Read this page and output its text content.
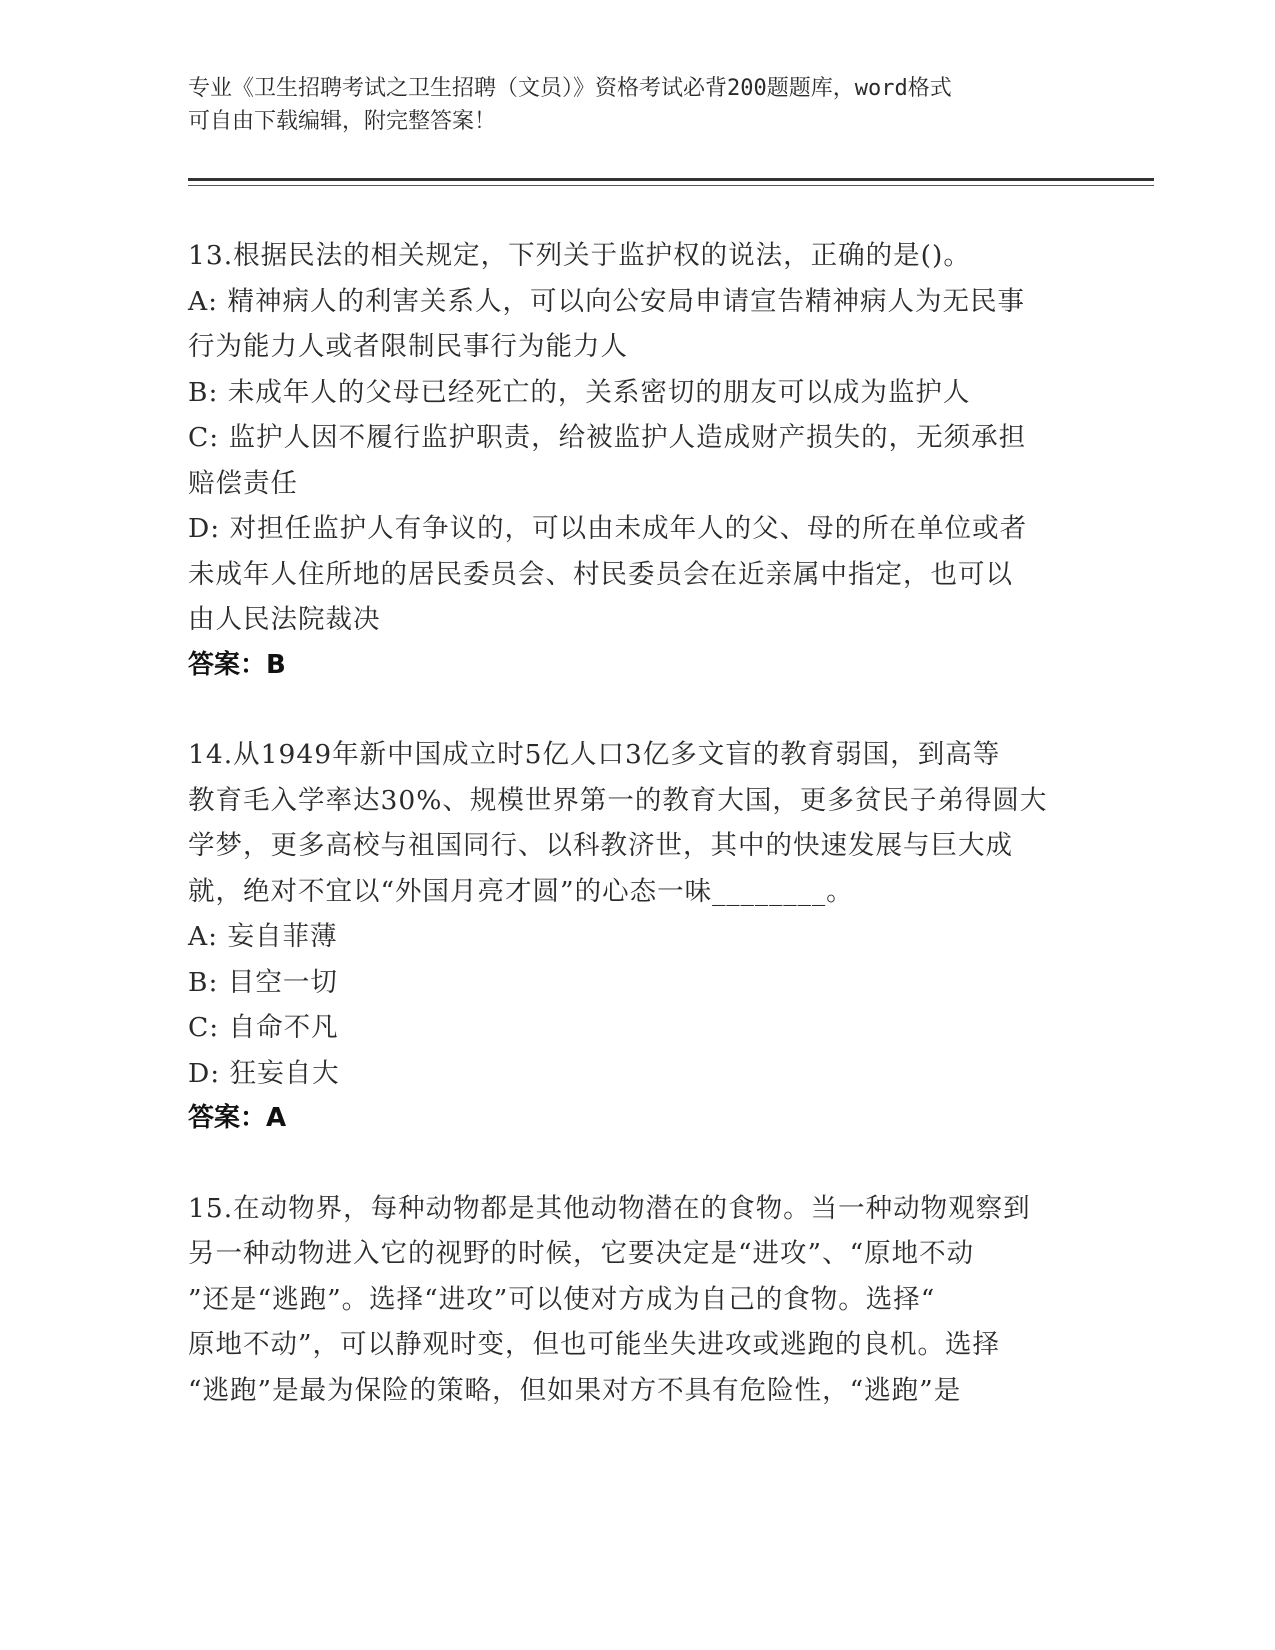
专业《卫生招聘考试之卫生招聘（文员）》资格考试必背200题题库，word格式
可自由下载编辑，附完整答案！
13.根据民法的相关规定，下列关于监护权的说法，正确的是()。
A: 精神病人的利害关系人，可以向公安局申请宣告精神病人为无民事
行为能力人或者限制民事行为能力人
B: 未成年人的父母已经死亡的，关系密切的朋友可以成为监护人
C: 监护人因不履行监护职责，给被监护人造成财产损失的，无须承担
赔偿责任
D: 对担任监护人有争议的，可以由未成年人的父、母的所在单位或者
未成年人住所地的居民委员会、村民委员会在近亲属中指定，也可以
由人民法院裁决
答案：B
14.从1949年新中国成立时5亿人口3亿多文盲的教育弱国，到高等
教育毛入学率达30%、规模世界第一的教育大国，更多贫民子弟得圆大
学梦，更多高校与祖国同行、以科教济世，其中的快速发展与巨大成
就，绝对不宜以“外国月亮才圆”的心态一味________。
A: 妄自菲薄
B: 目空一切
C: 自命不凡
D: 狂妄自大
答案：A
15.在动物界，每种动物都是其他动物潜在的食物。当一种动物观察到
另一种动物进入它的视野的时候，它要决定是“进攻”、“原地不动
”还是“逃跑”。选择“进攻”可以使对方成为自己的食物。选择“
原地不动”，可以静观时变，但也可能坐失进攻或逃跑的良机。选择
“逃跑”是最为保险的策略，但如果对方不具有危险性，“逃跑”是
